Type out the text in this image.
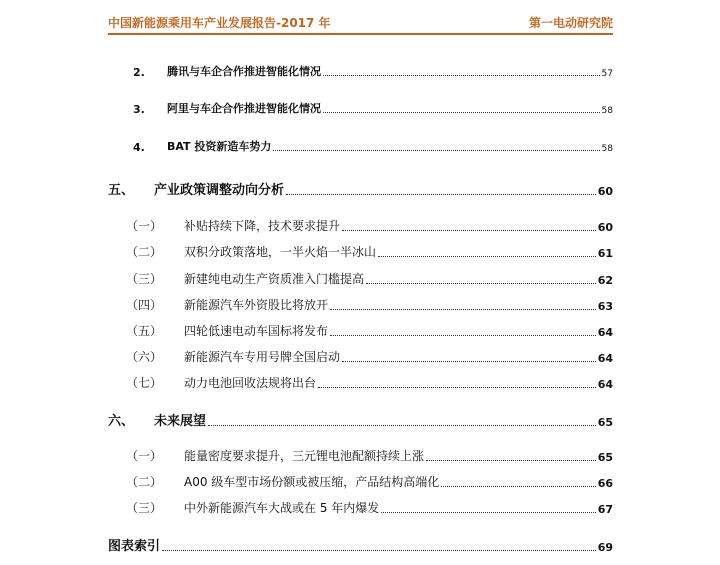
中国新能源乘用车产业发展报告-2017 年	第一电动研究院
2.	腾讯与车企合作推进智能化情况	57
3.	阿里与车企合作推进智能化情况	58
4.	BAT 投资新造车势力	58
五、	产业政策调整动向分析	60
（一）	补贴持续下降，技术要求提升	60
（二）	双积分政策落地，一半火焰一半冰山	61
（三）	新建纯电动生产资质准入门槛提高	62
（四）	新能源汽车外资股比将放开	63
（五）	四轮低速电动车国标将发布	64
（六）	新能源汽车专用号牌全国启动	64
（七）	动力电池回收法规将出台	64
六、	未来展望	65
（一）	能量密度要求提升，三元锂电池配额持续上涨	65
（二）	A00 级车型市场份额或被压缩，产品结构高端化	66
（三）	中外新能源汽车大战或在 5 年内爆发	67
图表索引	69
